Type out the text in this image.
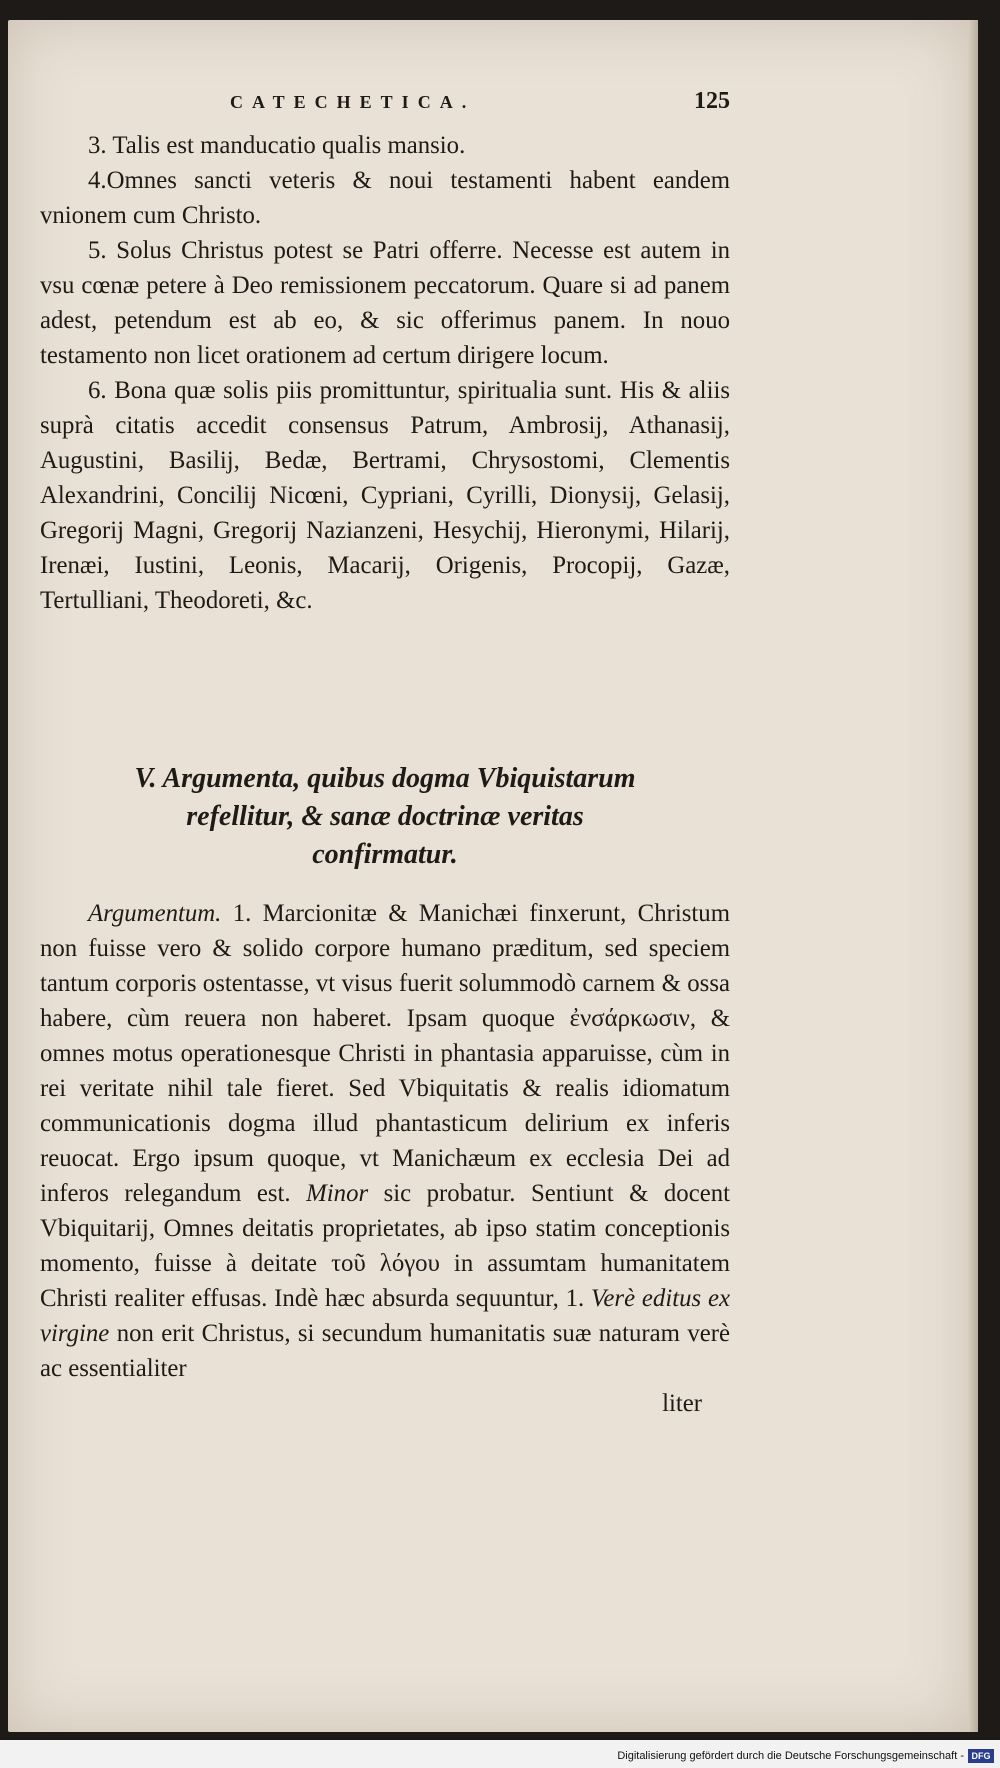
CATECHETICA.	125

3. Talis est manducatio qualis mansio.

4.Omnes sancti veteris & noui testamenti habent eandem vnionem cum Christo.

5. Solus Christus potest se Patri offerre. Necesse est autem in vsu cœnæ petere à Deo remissionem peccatorum. Quare si ad panem adest, petendum est ab eo, & sic offerimus panem. In nouo testamento non licet orationem ad certum dirigere locum.

6. Bona quæ solis piis promittuntur, spiritualia sunt. His & aliis suprà citatis accedit consensus Patrum, Ambrosij, Athanasij, Augustini, Basilij, Bedæ, Bertrami, Chrysostomi, Clementis Alexandrini, Concilij Nicœni, Cypriani, Cyrilli, Dionysij, Gelasij, Gregorij Magni, Gregorij Nazianzeni, Hesychij, Hieronymi, Hilarij, Irenæi, Iustini, Leonis, Macarij, Origenis, Procopij, Gazæ, Tertulliani, Theodoreti, &c.

V. Argumenta, quibus dogma Vbiquistarum
refellitur, & sanæ doctrinæ veritas
confirmatur.

Argumentum. 1. Marcionitæ & Manichæi finxerunt, Christum non fuisse vero & solido corpore humano præditum, sed speciem tantum corporis ostentasse, vt visus fuerit solummodò carnem & ossa habere, cùm reuera non haberet. Ipsam quoque ἐνσάρκωσιν, & omnes motus operationesque Christi in phantasia apparuisse, cùm in rei veritate nihil tale fieret. Sed Vbiquitatis & realis idiomatum communicationis dogma illud phantasticum delirium ex inferis reuocat. Ergo ipsum quoque, vt Manichæum ex ecclesia Dei ad inferos relegandum est. Minor sic probatur. Sentiunt & docent Vbiquitarij, Omnes deitatis proprietates, ab ipso statim conceptionis momento, fuisse à deitate τοῦ λόγου in assumtam humanitatem Christi realiter effusas. Indè hæc absurda sequuntur, 1. Verè editus ex virgine non erit Christus, si secundum humanitatis suæ naturam verè ac essentialiter

liter

Digitalisierung gefördert durch die Deutsche Forschungsgemeinschaft - DFG
